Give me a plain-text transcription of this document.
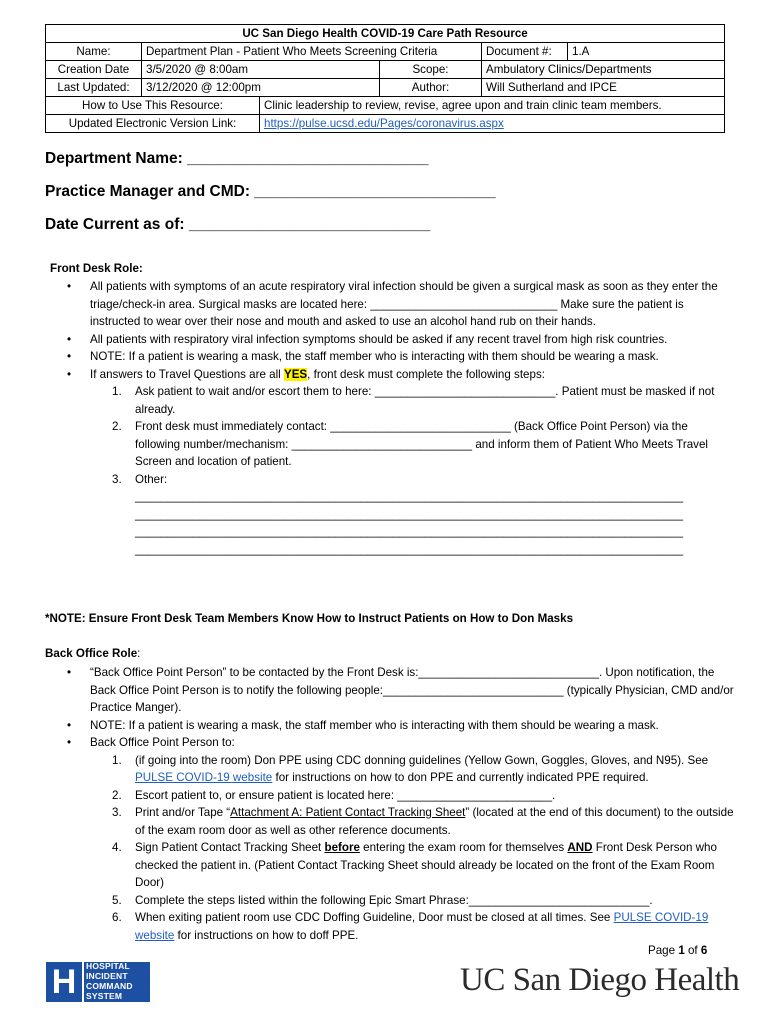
UC San Diego Health COVID-19 Care Path Resource					
Name:	Department Plan - Patient Who Meets Screening Criteria			Document #:	1.A
Creation Date	3/5/2020 @ 8:00am		Scope:	Ambulatory Clinics/Departments	
Last Updated:	3/12/2020 @ 12:00pm		Author:	Will Sutherland and IPCE	
How to Use This Resource:		Clinic leadership to review, revise, agree upon and train clinic team members.			
Updated Electronic Version Link:		https://pulse.ucsd.edu/Pages/coronavirus.aspx			
Department Name: ____________________________
Practice Manager and CMD: ____________________________
Date Current as of: ____________________________
Front Desk Role:
• All patients with symptoms of an acute respiratory viral infection should be given a surgical mask as soon as they enter the triage/check-in area. Surgical masks are located here: _____________________________ Make sure the patient is instructed to wear over their nose and mouth and asked to use an alcohol hand rub on their hands.
• All patients with respiratory viral infection symptoms should be asked if any recent travel from high risk countries.
• NOTE: If a patient is wearing a mask, the staff member who is interacting with them should be wearing a mask.
• If answers to Travel Questions are all YES, front desk must complete the following steps:
1. Ask patient to wait and/or escort them to here: ____________________________. Patient must be masked if not already.
2. Front desk must immediately contact: ____________________________ (Back Office Point Person) via the following number/mechanism: ____________________________ and inform them of Patient Who Meets Travel Screen and location of patient.
3. Other:
_____________________________________________________________________________________
_____________________________________________________________________________________
_____________________________________________________________________________________
_____________________________________________________________________________________
*NOTE: Ensure Front Desk Team Members Know How to Instruct Patients on How to Don Masks
Back Office Role:
• “Back Office Point Person” to be contacted by the Front Desk is:____________________________. Upon notification, the Back Office Point Person is to notify the following people:____________________________ (typically Physician, CMD and/or Practice Manger).
• NOTE: If a patient is wearing a mask, the staff member who is interacting with them should be wearing a mask.
• Back Office Point Person to:
1. (if going into the room) Don PPE using CDC donning guidelines (Yellow Gown, Goggles, Gloves, and N95). See PULSE COVID-19 website for instructions on how to don PPE and currently indicated PPE required.
2. Escort patient to, or ensure patient is located here: ________________________.
3. Print and/or Tape “Attachment A: Patient Contact Tracking Sheet” (located at the end of this document) to the outside of the exam room door as well as other reference documents.
4. Sign Patient Contact Tracking Sheet before entering the exam room for themselves AND Front Desk Person who checked the patient in. (Patient Contact Tracking Sheet should already be located on the front of the Exam Room Door)
5. Complete the steps listed within the following Epic Smart Phrase:____________________________.
6. When exiting patient room use CDC Doffing Guideline, Door must be closed at all times. See PULSE COVID-19 website for instructions on how to doff PPE.
Page 1 of 6
H	HOSPITAL
INCIDENT
COMMAND
SYSTEM	UC San Diego Health
